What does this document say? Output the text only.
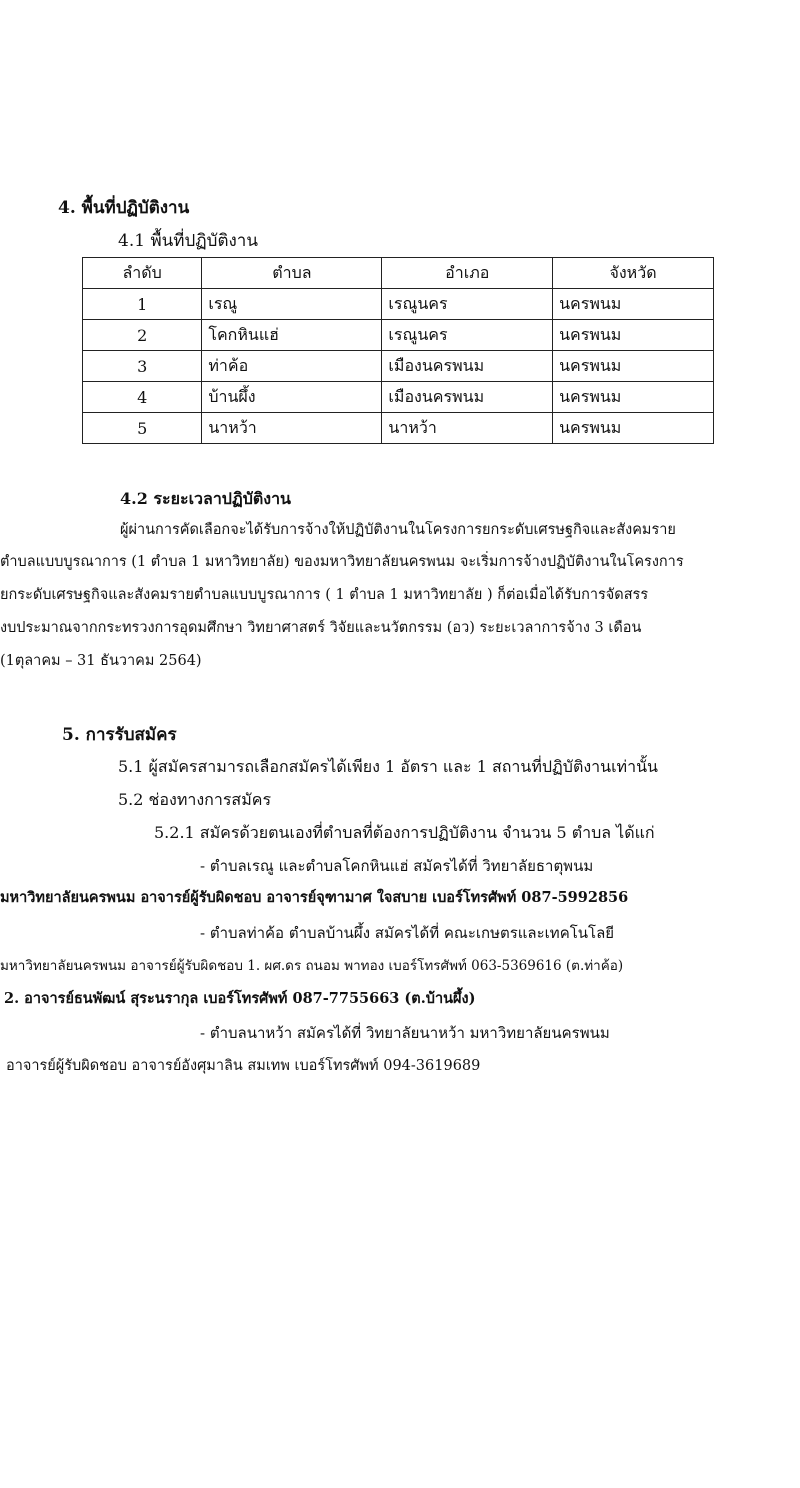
4. พื้นที่ปฏิบัติงาน
4.1 พื้นที่ปฏิบัติงาน
ลำดับ	ตำบล	อำเภอ	จังหวัด
1	เรณู	เรณูนคร	นครพนม
2	โคกหินแฮ่	เรณูนคร	นครพนม
3	ท่าค้อ	เมืองนครพนม	นครพนม
4	บ้านผึ้ง	เมืองนครพนม	นครพนม
5	นาหว้า	นาหว้า	นครพนม
4.2 ระยะเวลาปฏิบัติงาน
ผู้ผ่านการคัดเลือกจะได้รับการจ้างให้ปฏิบัติงานในโครงการยกระดับเศรษฐกิจและสังคมราย
ตำบลแบบบูรณาการ (1 ตำบล 1 มหาวิทยาลัย) ของมหาวิทยาลัยนครพนม จะเริ่มการจ้างปฏิบัติงานในโครงการ
ยกระดับเศรษฐกิจและสังคมรายตำบลแบบบูรณาการ ( 1 ตำบล 1 มหาวิทยาลัย ) ก็ต่อเมื่อได้รับการจัดสรร
งบประมาณจากกระทรวงการอุดมศึกษา วิทยาศาสตร์ วิจัยและนวัตกรรม (อว) ระยะเวลาการจ้าง 3 เดือน
(1ตุลาคม – 31 ธันวาคม 2564)
5. การรับสมัคร
5.1 ผู้สมัครสามารถเลือกสมัครได้เพียง 1 อัตรา และ 1 สถานที่ปฏิบัติงานเท่านั้น
5.2 ช่องทางการสมัคร
5.2.1 สมัครด้วยตนเองที่ตำบลที่ต้องการปฏิบัติงาน จำนวน 5 ตำบล ได้แก่
- ตำบลเรณู และตำบลโคกหินแฮ่ สมัครได้ที่ วิทยาลัยธาตุพนม
มหาวิทยาลัยนครพนม อาจารย์ผู้รับผิดชอบ อาจารย์จุฑามาศ ใจสบาย เบอร์โทรศัพท์ 087-5992856
- ตำบลท่าค้อ ตำบลบ้านผึ้ง สมัครได้ที่ คณะเกษตรและเทคโนโลยี
มหาวิทยาลัยนครพนม อาจารย์ผู้รับผิดชอบ 1. ผศ.ดร ถนอม พาทอง เบอร์โทรศัพท์ 063-5369616 (ต.ท่าค้อ)
2. อาจารย์ธนพัฒน์ สุระนรากุล เบอร์โทรศัพท์ 087-7755663 (ต.บ้านผึ้ง)
- ตำบลนาหว้า สมัครได้ที่ วิทยาลัยนาหว้า มหาวิทยาลัยนครพนม
อาจารย์ผู้รับผิดชอบ อาจารย์อังศุมาลิน สมเทพ เบอร์โทรศัพท์ 094-3619689
